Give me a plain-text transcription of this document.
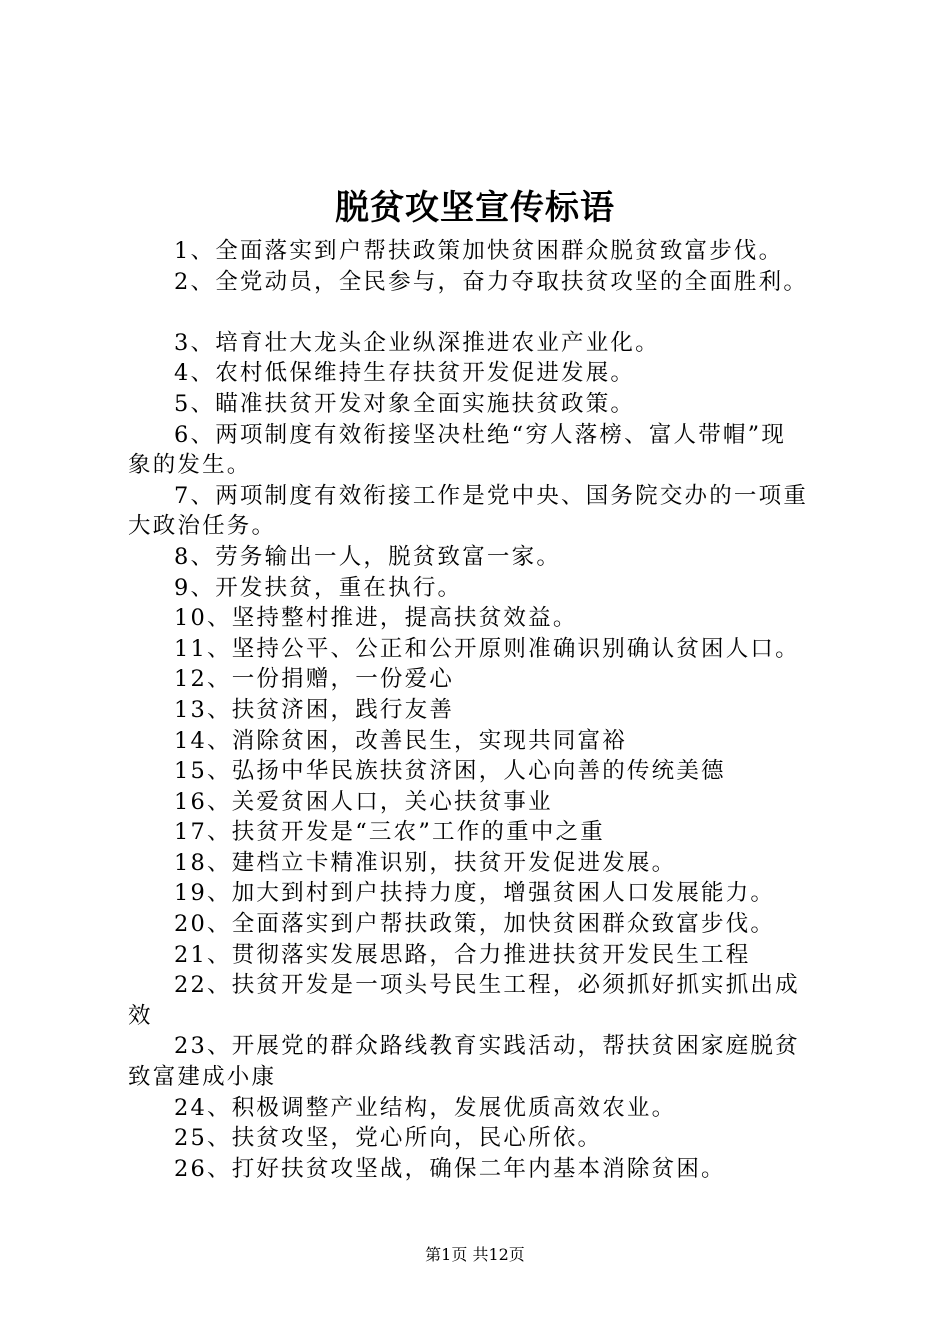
脱贫攻坚宣传标语
1、全面落实到户帮扶政策加快贫困群众脱贫致富步伐。
2、全党动员，全民参与，奋力夺取扶贫攻坚的全面胜利。
3、培育壮大龙头企业纵深推进农业产业化。
4、农村低保维持生存扶贫开发促进发展。
5、瞄准扶贫开发对象全面实施扶贫政策。
6、两项制度有效衔接坚决杜绝“穷人落榜、富人带帽”现
象的发生。
7、两项制度有效衔接工作是党中央、国务院交办的一项重
大政治任务。
8、劳务输出一人，脱贫致富一家。
9、开发扶贫，重在执行。
10、坚持整村推进，提高扶贫效益。
11、坚持公平、公正和公开原则准确识别确认贫困人口。
12、一份捐赠，一份爱心
13、扶贫济困，践行友善
14、消除贫困，改善民生，实现共同富裕
15、弘扬中华民族扶贫济困，人心向善的传统美德
16、关爱贫困人口，关心扶贫事业
17、扶贫开发是“三农”工作的重中之重
18、建档立卡精准识别，扶贫开发促进发展。
19、加大到村到户扶持力度，增强贫困人口发展能力。
20、全面落实到户帮扶政策，加快贫困群众致富步伐。
21、贯彻落实发展思路，合力推进扶贫开发民生工程
22、扶贫开发是一项头号民生工程，必须抓好抓实抓出成
效
23、开展党的群众路线教育实践活动，帮扶贫困家庭脱贫
致富建成小康
24、积极调整产业结构，发展优质高效农业。
25、扶贫攻坚，党心所向，民心所依。
26、打好扶贫攻坚战，确保二年内基本消除贫困。
第1页 共12页
